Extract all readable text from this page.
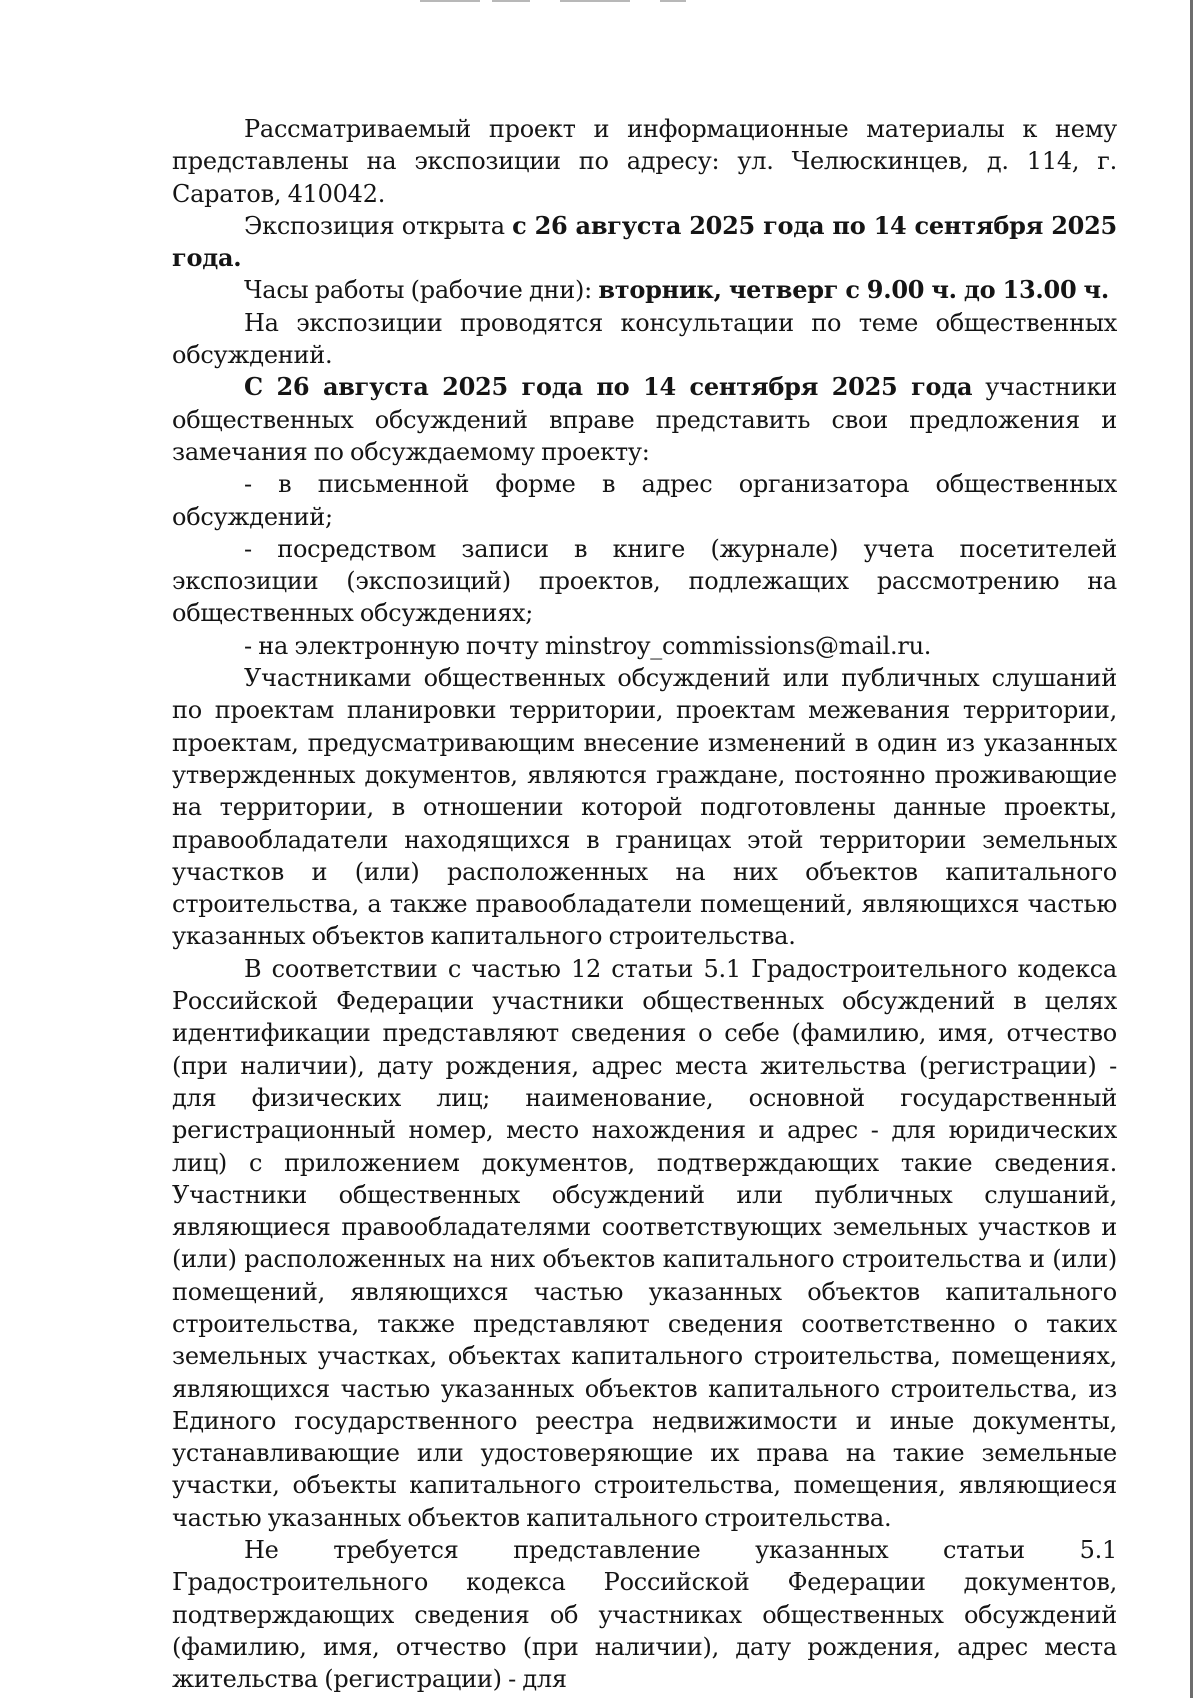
Рассматриваемый проект и информационные материалы к нему представлены на экспозиции по адресу: ул. Челюскинцев, д. 114, г. Саратов, 410042.

Экспозиция открыта с 26 августа 2025 года по 14 сентября 2025 года.

Часы работы (рабочие дни): вторник, четверг с 9.00 ч. до 13.00 ч.

На экспозиции проводятся консультации по теме общественных обсуждений.

С 26 августа 2025 года по 14 сентября 2025 года участники общественных обсуждений вправе представить свои предложения и замечания по обсуждаемому проекту:

- в письменной форме в адрес организатора общественных обсуждений;

- посредством записи в книге (журнале) учета посетителей экспозиции (экспозиций) проектов, подлежащих рассмотрению на общественных обсуждениях;

- на электронную почту minstroy_commissions@mail.ru.

Участниками общественных обсуждений или публичных слушаний по проектам планировки территории, проектам межевания территории, проектам, предусматривающим внесение изменений в один из указанных утвержденных документов, являются граждане, постоянно проживающие на территории, в отношении которой подготовлены данные проекты, правообладатели находящихся в границах этой территории земельных участков и (или) расположенных на них объектов капитального строительства, а также правообладатели помещений, являющихся частью указанных объектов капитального строительства.

В соответствии с частью 12 статьи 5.1 Градостроительного кодекса Российской Федерации участники общественных обсуждений в целях идентификации представляют сведения о себе (фамилию, имя, отчество (при наличии), дату рождения, адрес места жительства (регистрации) - для физических лиц; наименование, основной государственный регистрационный номер, место нахождения и адрес - для юридических лиц) с приложением документов, подтверждающих такие сведения. Участники общественных обсуждений или публичных слушаний, являющиеся правообладателями соответствующих земельных участков и (или) расположенных на них объектов капитального строительства и (или) помещений, являющихся частью указанных объектов капитального строительства, также представляют сведения соответственно о таких земельных участках, объектах капитального строительства, помещениях, являющихся частью указанных объектов капитального строительства, из Единого государственного реестра недвижимости и иные документы, устанавливающие или удостоверяющие их права на такие земельные участки, объекты капитального строительства, помещения, являющиеся частью указанных объектов капитального строительства.

Не требуется представление указанных статьи 5.1 Градостроительного кодекса Российской Федерации документов, подтверждающих сведения об участниках общественных обсуждений (фамилию, имя, отчество (при наличии), дату рождения, адрес места жительства (регистрации) - для
